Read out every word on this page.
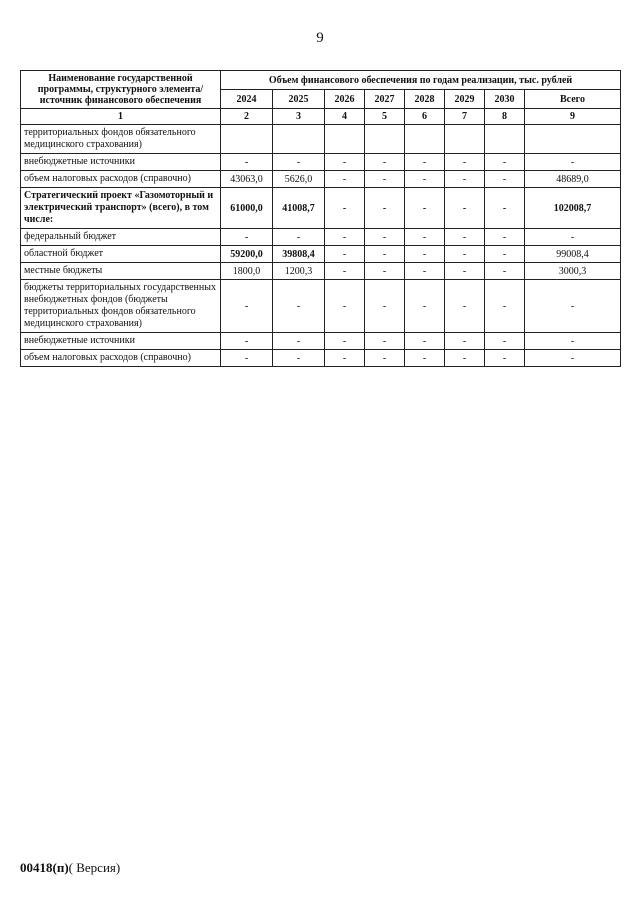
9
Наименование государственной программы, структурного элемента/источник финансового обеспечения	Объем финансового обеспечения по годам реализации, тыс. рублей							
	2024	2025	2026	2027	2028	2029	2030	Всего
1	2	3	4	5	6	7	8	9
территориальных фондов обязательного медицинского страхования)								
внебюджетные источники	-	-	-	-	-	-	-	-
объем налоговых расходов (справочно)	43063,0	5626,0	-	-	-	-	-	48689,0
Стратегический проект «Газомоторный и электрический транспорт» (всего), в том числе:	61000,0	41008,7	-	-	-	-	-	102008,7
федеральный бюджет	-	-	-	-	-	-	-	-
областной бюджет	59200,0	39808,4	-	-	-	-	-	99008,4
местные бюджеты	1800,0	1200,3	-	-	-	-	-	3000,3
бюджеты территориальных государственных внебюджетных фондов (бюджеты территориальных фондов обязательного медицинского страхования)	-	-	-	-	-	-	-	-
внебюджетные источники	-	-	-	-	-	-	-	-
объем налоговых расходов (справочно)	-	-	-	-	-	-	-	-
00418(п)( Версия)
